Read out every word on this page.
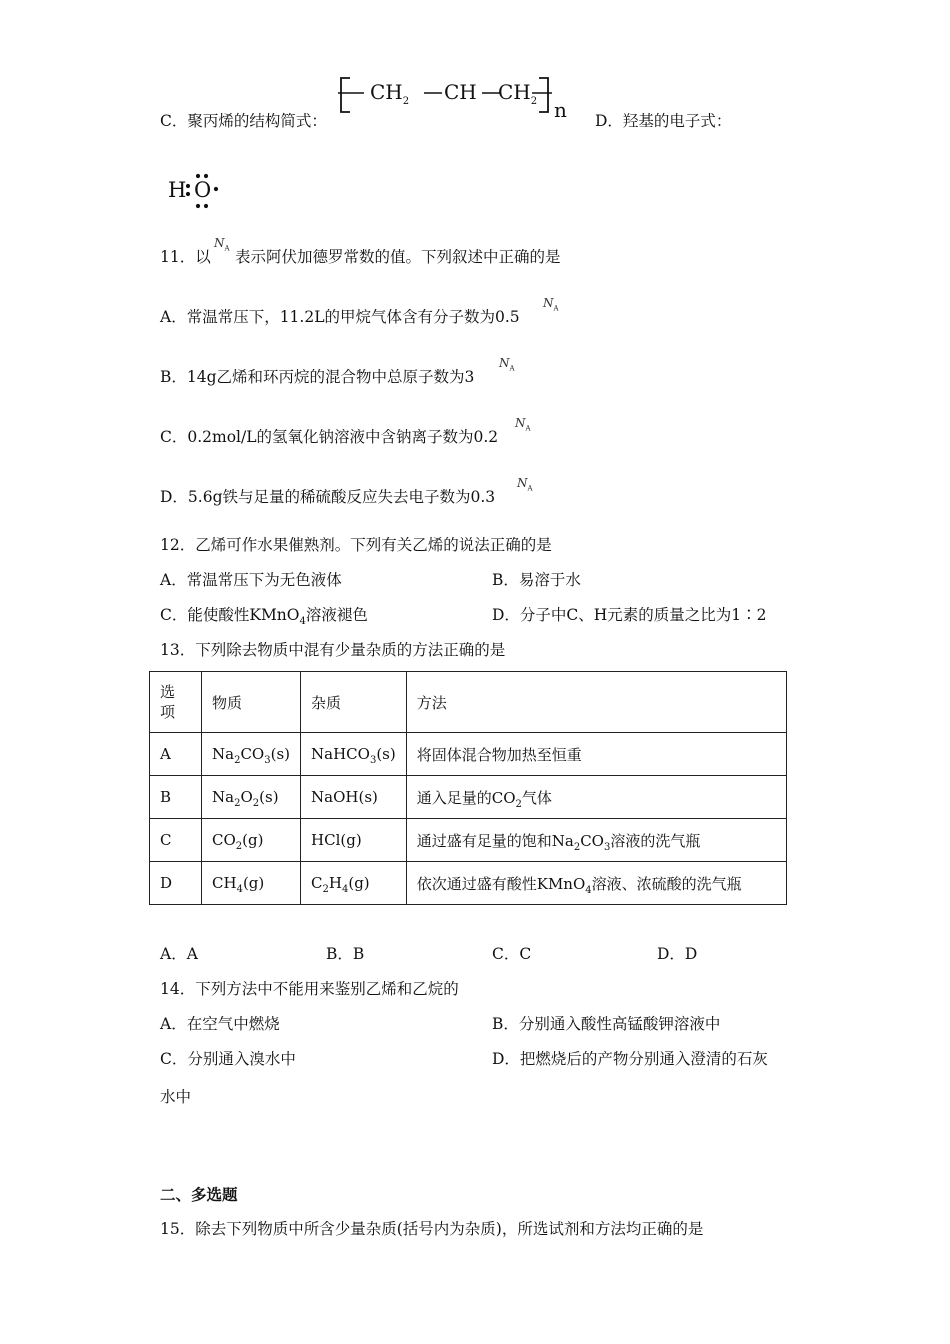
C．聚丙烯的结构简式：
$CH_2$ CH $CH_2$ n D．羟基的电子式：
H O
11．以
$N_A$ 表示阿伏加德罗常数的值。下列叙述中正确的是
A．常温常压下，11.2L的甲烷气体含有分子数为0.5
$N_A$
B．14g乙烯和环丙烷的混合物中总原子数为3
$N_A$
C．0.2mol/L的氢氧化钠溶液中含钠离子数为0.2
$N_A$
D．5.6g铁与足量的稀硫酸反应失去电子数为0.3
$N_A$
12．乙烯可作水果催熟剂。下列有关乙烯的说法正确的是
A．常温常压下为无色液体	B．易溶于水
C．能使酸性KMnO$_4$溶液褪色	D．分子中C、H元素的质量之比为1∶2
13．下列除去物质中混有少量杂质的方法正确的是
选
项	物质	杂质	方法
A	$Na_2CO_3(s)$	NaHCO$_3$(s)	将固体混合物加热至恒重
B	$Na_2O_2(s)$	NaOH(s)	通入足量的$CO_2$气体
C	$CO_2(g)$	HCl(g)	通过盛有足量的饱和$Na_2CO_3$溶液的洗气瓶
D	$CH_4(g)$	$C_2H_4(g)$	依次通过盛有酸性KMnO$_4$溶液、浓硫酸的洗气瓶
A．A	B．B	C．C	D．D
14．下列方法中不能用来鉴别乙烯和乙烷的
A．在空气中燃烧	B．分别通入酸性高锰酸钾溶液中
C．分别通入溴水中	D．把燃烧后的产物分别通入澄清的石灰
水中
二、多选题
15．除去下列物质中所含少量杂质(括号内为杂质)，所选试剂和方法均正确的是
